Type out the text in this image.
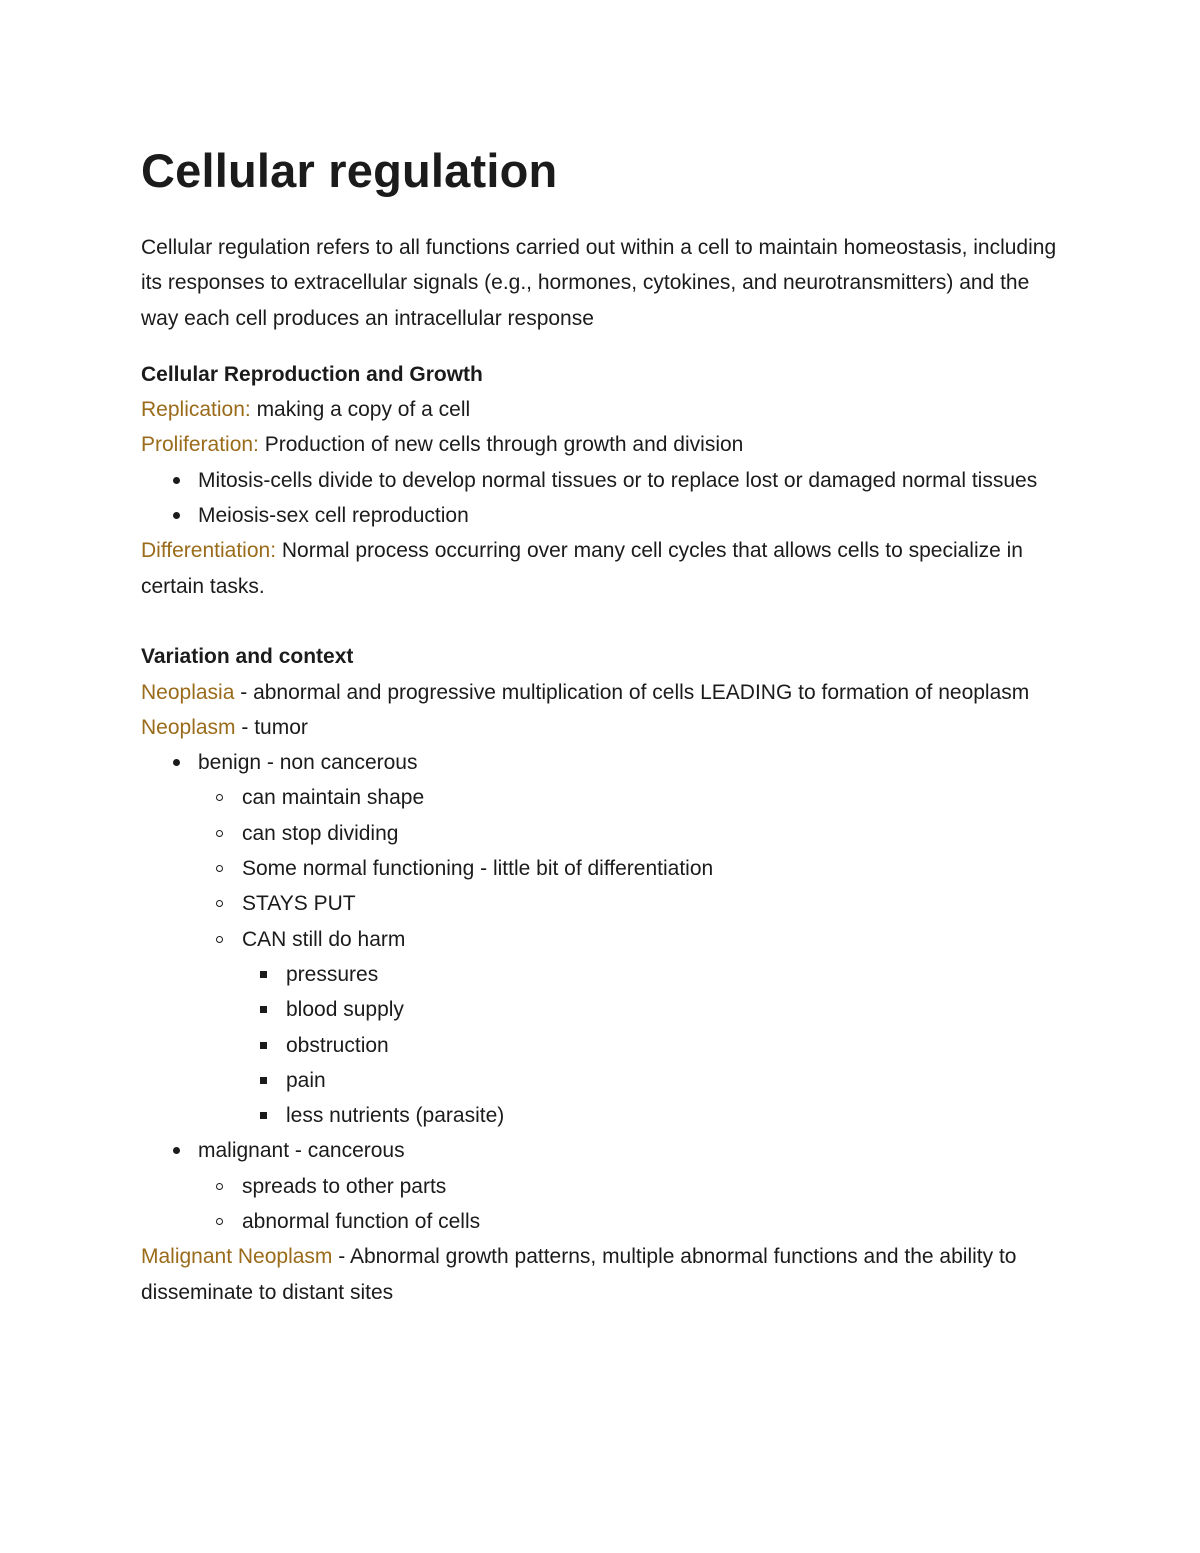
Cellular regulation

Cellular regulation refers to all functions carried out within a cell to maintain homeostasis, including its responses to extracellular signals (e.g., hormones, cytokines, and neurotransmitters) and the way each cell produces an intracellular response

Cellular Reproduction and Growth

Replication: making a copy of a cell

Proliferation: Production of new cells through growth and division

Mitosis-cells divide to develop normal tissues or to replace lost or damaged normal tissues
Meiosis-sex cell reproduction

Differentiation: Normal process occurring over many cell cycles that allows cells to specialize in certain tasks.

Variation and context

Neoplasia - abnormal and progressive multiplication of cells LEADING to formation of neoplasm

Neoplasm - tumor

benign - non cancerous
can maintain shape
can stop dividing
Some normal functioning - little bit of differentiation
STAYS PUT
CAN still do harm
pressures
blood supply
obstruction
pain
less nutrients (parasite)
malignant - cancerous
spreads to other parts
abnormal function of cells

Malignant Neoplasm - Abnormal growth patterns, multiple abnormal functions and the ability to disseminate to distant sites
